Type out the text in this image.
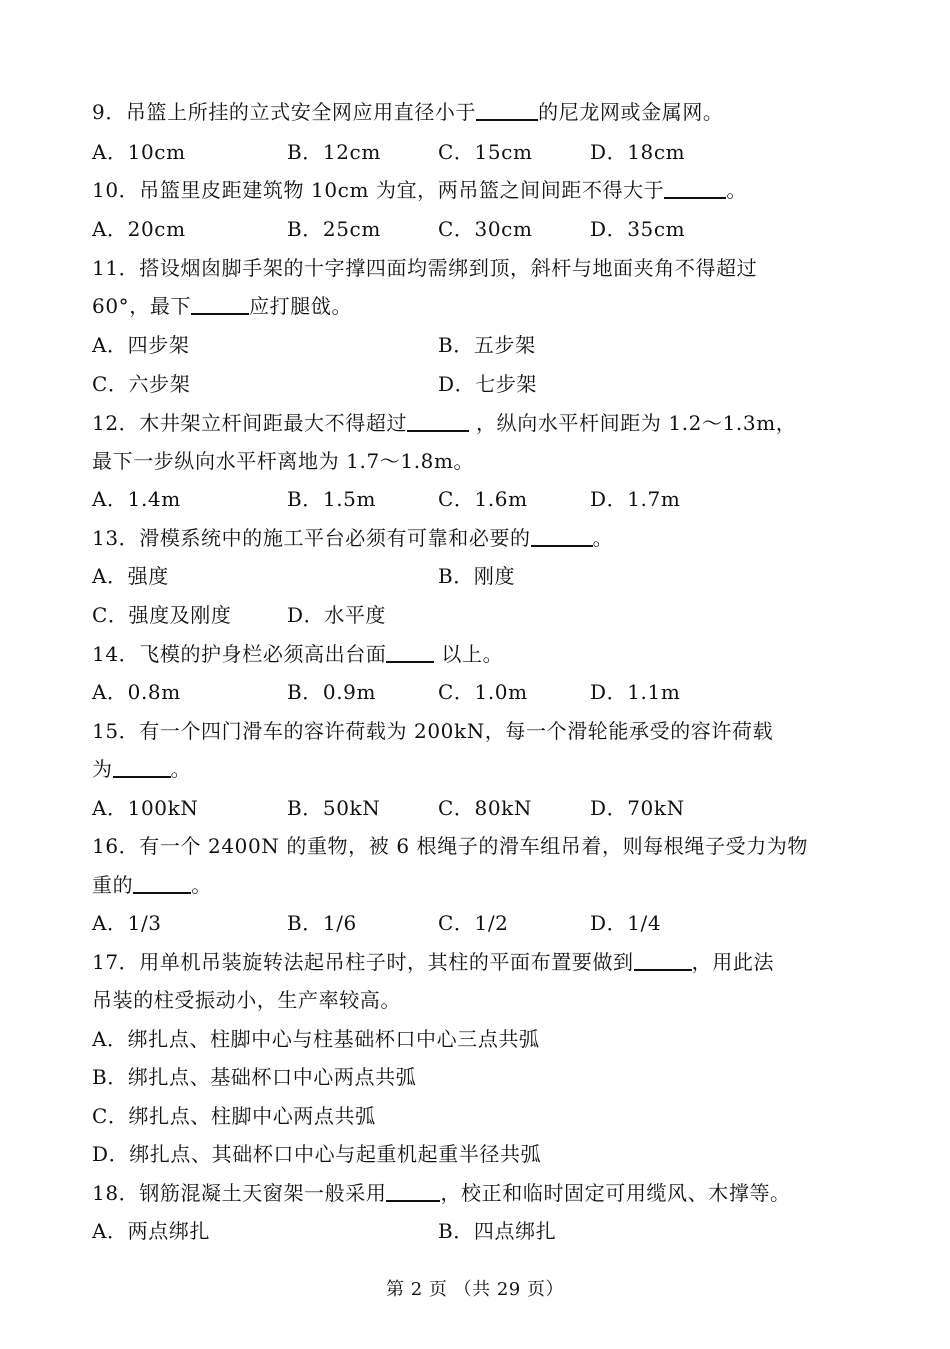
9．吊篮上所挂的立式安全网应用直径小于	的尼龙网或金属网。
A．10cm	B．12cm	C．15cm	D．18cm
10．吊篮里皮距建筑物 10cm 为宜，两吊篮之间间距不得大于	。
A．20cm	B．25cm	C．30cm	D．35cm
11．搭设烟囱脚手架的十字撑四面均需绑到顶，斜杆与地面夹角不得超过
60°，最下	应打腿戗。
A．四步架	B．五步架
C．六步架	D．七步架
12．木井架立杆间距最大不得超过	，纵向水平杆间距为 1.2～1.3m，
最下一步纵向水平杆离地为 1.7～1.8m。
A．1.4m	B．1.5m	C．1.6m	D．1.7m
13．滑模系统中的施工平台必须有可靠和必要的	。
A．强度	B．刚度
C．强度及刚度	D．水平度
14．飞模的护身栏必须高出台面	以上。
A．0.8m	B．0.9m	C．1.0m	D．1.1m
15．有一个四门滑车的容许荷载为 200kN，每一个滑轮能承受的容许荷载
为	。
A．100kN	B．50kN	C．80kN	D．70kN
16．有一个 2400N 的重物，被 6 根绳子的滑车组吊着，则每根绳子受力为物
重的	。
A．1/3	B．1/6	C．1/2	D．1/4
17．用单机吊装旋转法起吊柱子时，其柱的平面布置要做到	，用此法
吊装的柱受振动小，生产率较高。
A．绑扎点、柱脚中心与柱基础杯口中心三点共弧
B．绑扎点、基础杯口中心两点共弧
C．绑扎点、柱脚中心两点共弧
D．绑扎点、其础杯口中心与起重机起重半径共弧
18．钢筋混凝土天窗架一般采用	，校正和临时固定可用缆风、木撑等。
A．两点绑扎	B．四点绑扎
第 2 页 （共 29 页）
